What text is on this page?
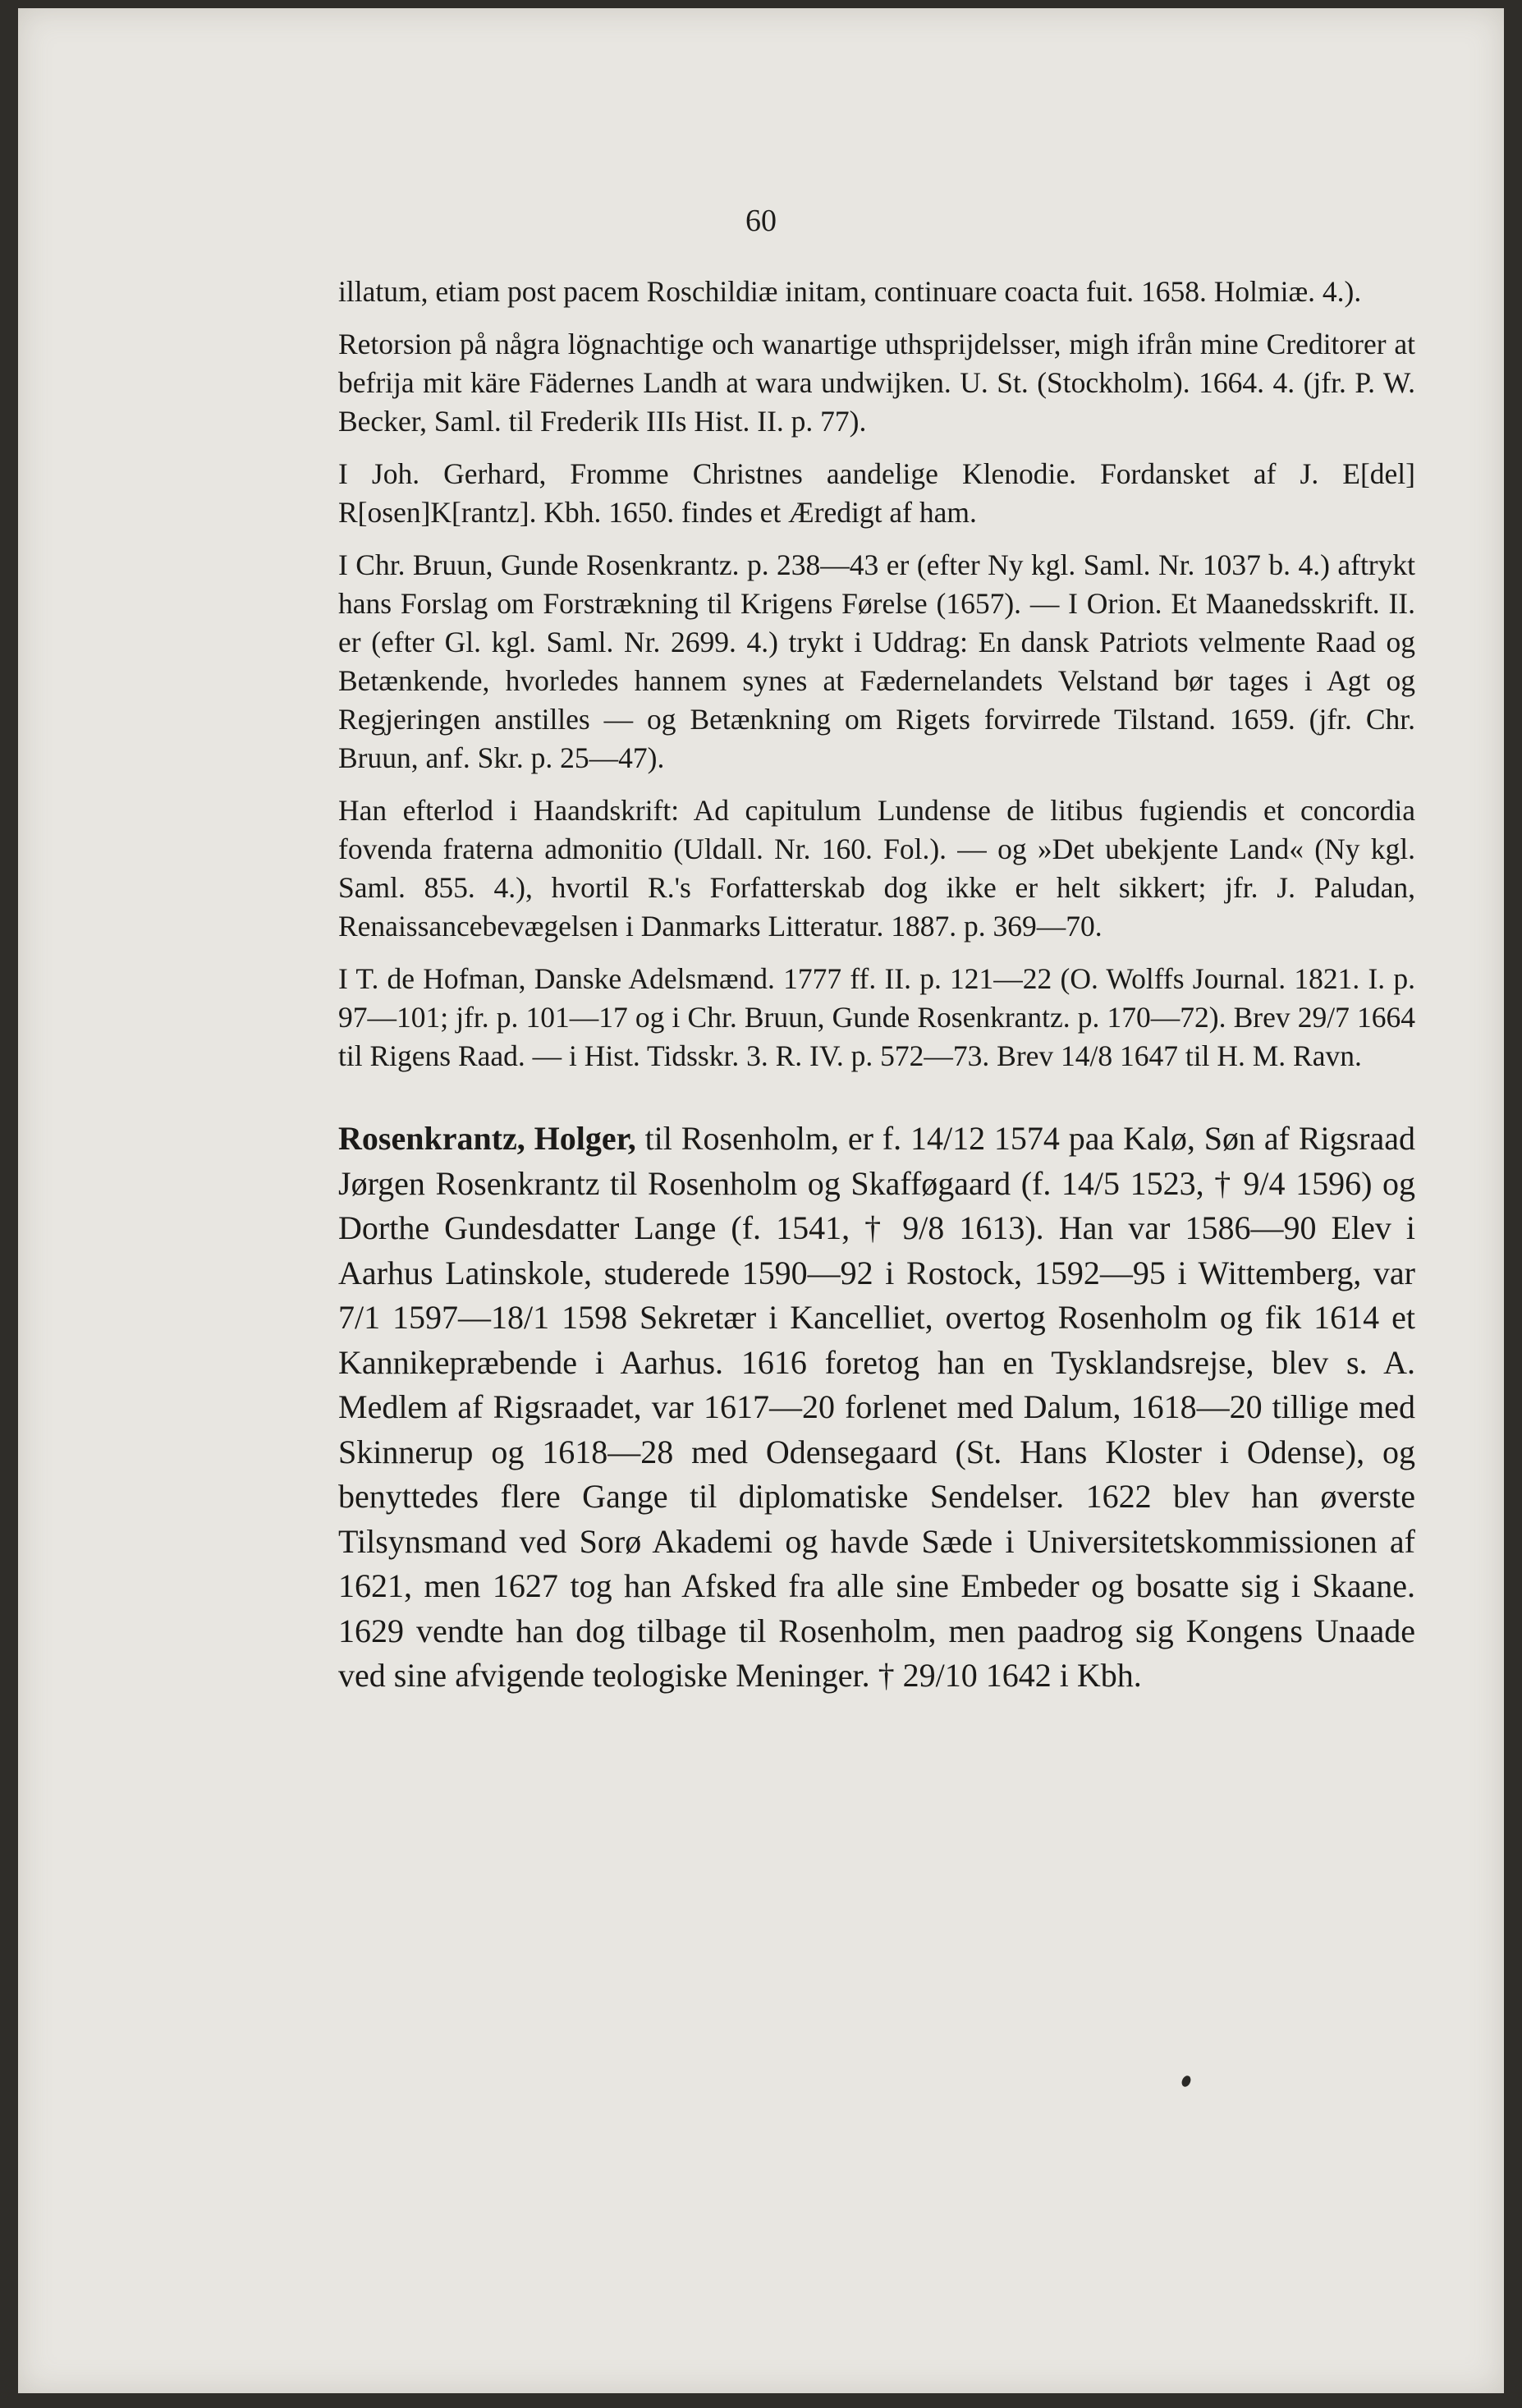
60

illatum, etiam post pacem Roschildiæ initam, continuare coacta fuit. 1658. Holmiæ. 4.).

Retorsion på några lögnachtige och wanartige uthsprijdelsser, migh ifrån mine Creditorer at befrija mit käre Fädernes Landh at wara undwijken. U. St. (Stockholm). 1664. 4. (jfr. P. W. Becker, Saml. til Frederik IIIs Hist. II. p. 77).

I Joh. Gerhard, Fromme Christnes aandelige Klenodie. Fordansket af J. E[del] R[osen]K[rantz]. Kbh. 1650. findes et Æredigt af ham.

I Chr. Bruun, Gunde Rosenkrantz. p. 238—43 er (efter Ny kgl. Saml. Nr. 1037 b. 4.) aftrykt hans Forslag om Forstrækning til Krigens Førelse (1657). — I Orion. Et Maanedsskrift. II. er (efter Gl. kgl. Saml. Nr. 2699. 4.) trykt i Uddrag: En dansk Patriots velmente Raad og Betænkende, hvorledes hannem synes at Fædernelandets Velstand bør tages i Agt og Regjeringen anstilles — og Betænkning om Rigets forvirrede Tilstand. 1659. (jfr. Chr. Bruun, anf. Skr. p. 25—47).

Han efterlod i Haandskrift: Ad capitulum Lundense de litibus fugiendis et concordia fovenda fraterna admonitio (Uldall. Nr. 160. Fol.). — og »Det ubekjente Land« (Ny kgl. Saml. 855. 4.), hvortil R.'s Forfatterskab dog ikke er helt sikkert; jfr. J. Paludan, Renaissancebevægelsen i Danmarks Litteratur. 1887. p. 369—70.

I T. de Hofman, Danske Adelsmænd. 1777 ff. II. p. 121—22 (O. Wolffs Journal. 1821. I. p. 97—101; jfr. p. 101—17 og i Chr. Bruun, Gunde Rosenkrantz. p. 170—72). Brev 29/7 1664 til Rigens Raad. — i Hist. Tidsskr. 3. R. IV. p. 572—73. Brev 14/8 1647 til H. M. Ravn.

Rosenkrantz, Holger, til Rosenholm, er f. 14/12 1574 paa Kalø, Søn af Rigsraad Jørgen Rosenkrantz til Rosenholm og Skafføgaard (f. 14/5 1523, † 9/4 1596) og Dorthe Gundesdatter Lange (f. 1541, † 9/8 1613). Han var 1586—90 Elev i Aarhus Latinskole, studerede 1590—92 i Rostock, 1592—95 i Wittemberg, var 7/1 1597—18/1 1598 Sekretær i Kancelliet, overtog Rosenholm og fik 1614 et Kannikepræbende i Aarhus. 1616 foretog han en Tysklandsrejse, blev s. A. Medlem af Rigsraadet, var 1617—20 forlenet med Dalum, 1618—20 tillige med Skinnerup og 1618—28 med Odensegaard (St. Hans Kloster i Odense), og benyttedes flere Gange til diplomatiske Sendelser. 1622 blev han øverste Tilsynsmand ved Sorø Akademi og havde Sæde i Universitetskommissionen af 1621, men 1627 tog han Afsked fra alle sine Embeder og bosatte sig i Skaane. 1629 vendte han dog tilbage til Rosenholm, men paadrog sig Kongens Unaade ved sine afvigende teologiske Meninger. † 29/10 1642 i Kbh.
